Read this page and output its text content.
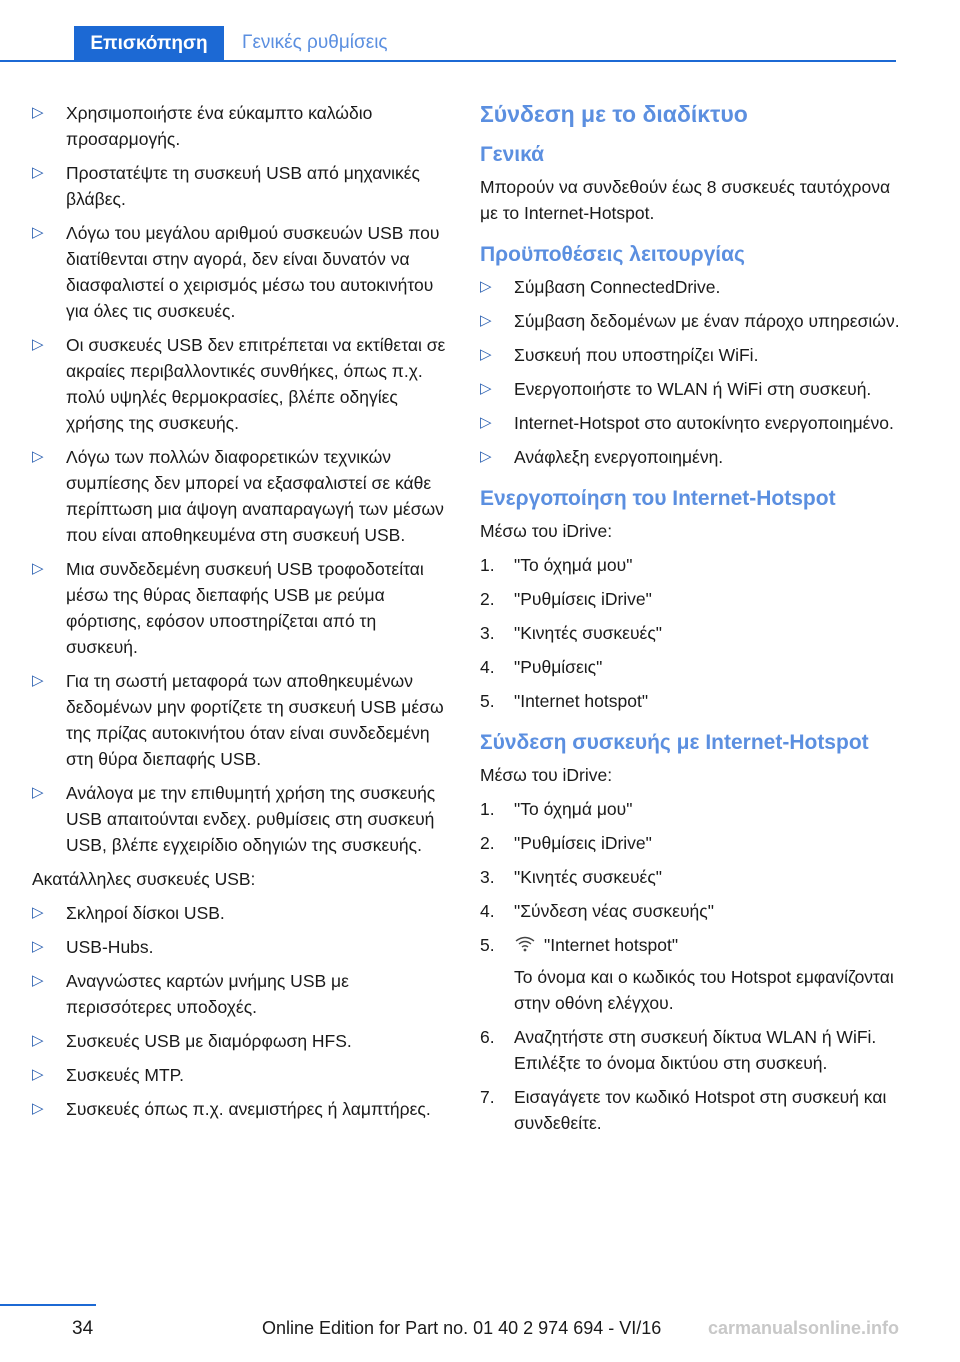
Επισκόπηση	Γενικές ρυθμίσεις
▷ Χρησιμοποιήστε ένα εύκαμπτο καλώδιο προσαρμογής.
▷ Προστατέψτε τη συσκευή USB από μηχανικές βλάβες.
▷ Λόγω του μεγάλου αριθμού συσκευών USB που διατίθενται στην αγορά, δεν είναι δυνατόν να διασφαλιστεί ο χειρισμός μέσω του αυτοκινήτου για όλες τις συσκευές.
▷ Οι συσκευές USB δεν επιτρέπεται να εκτίθεται σε ακραίες περιβαλλοντικές συνθήκες, όπως π.χ. πολύ υψηλές θερμοκρασίες, βλέπε οδηγίες χρήσης της συσκευής.
▷ Λόγω των πολλών διαφορετικών τεχνικών συμπίεσης δεν μπορεί να εξασφαλιστεί σε κάθε περίπτωση μια άψογη αναπαραγωγή των μέσων που είναι αποθηκευμένα στη συσκευή USB.
▷ Μια συνδεδεμένη συσκευή USB τροφοδοτείται μέσω της θύρας διεπαφής USB με ρεύμα φόρτισης, εφόσον υποστηρίζεται από τη συσκευή.
▷ Για τη σωστή μεταφορά των αποθηκευμένων δεδομένων μην φορτίζετε τη συσκευή USB μέσω της πρίζας αυτοκινήτου όταν είναι συνδεδεμένη στη θύρα διεπαφής USB.
▷ Ανάλογα με την επιθυμητή χρήση της συσκευής USB απαιτούνται ενδεχ. ρυθμίσεις στη συσκευή USB, βλέπε εγχειρίδιο οδηγιών της συσκευής.
Ακατάλληλες συσκευές USB:
▷ Σκληροί δίσκοι USB.
▷ USB-Hubs.
▷ Αναγνώστες καρτών μνήμης USB με περισσότερες υποδοχές.
▷ Συσκευές USB με διαμόρφωση HFS.
▷ Συσκευές MTP.
▷ Συσκευές όπως π.χ. ανεμιστήρες ή λαμπτήρες.
Σύνδεση με το διαδίκτυο
Γενικά
Μπορούν να συνδεθούν έως 8 συσκευές ταυτόχρονα με το Internet-Hotspot.
Προϋποθέσεις λειτουργίας
▷ Σύμβαση ConnectedDrive.
▷ Σύμβαση δεδομένων με έναν πάροχο υπηρεσιών.
▷ Συσκευή που υποστηρίζει WiFi.
▷ Ενεργοποιήστε το WLAN ή WiFi στη συσκευή.
▷ Internet-Hotspot στο αυτοκίνητο ενεργοποιημένο.
▷ Ανάφλεξη ενεργοποιημένη.
Ενεργοποίηση του Internet-Hotspot
Μέσω του iDrive:
1.	"Το όχημά μου"
2.	"Ρυθμίσεις iDrive"
3.	"Κινητές συσκευές"
4.	"Ρυθμίσεις"
5.	"Internet hotspot"
Σύνδεση συσκευής με Internet-Hotspot
Μέσω του iDrive:
1.	"Το όχημά μου"
2.	"Ρυθμίσεις iDrive"
3.	"Κινητές συσκευές"
4.	"Σύνδεση νέας συσκευής"
5.	"Internet hotspot"
Το όνομα και ο κωδικός του Hotspot εμφανίζονται στην οθόνη ελέγχου.
6.	Αναζητήστε στη συσκευή δίκτυα WLAN ή WiFi. Επιλέξτε το όνομα δικτύου στη συσκευή.
7.	Εισαγάγετε τον κωδικό Hotspot στη συσκευή και συνδεθείτε.
34	Online Edition for Part no. 01 40 2 974 694 - VI/16	carmanualsonline.info
